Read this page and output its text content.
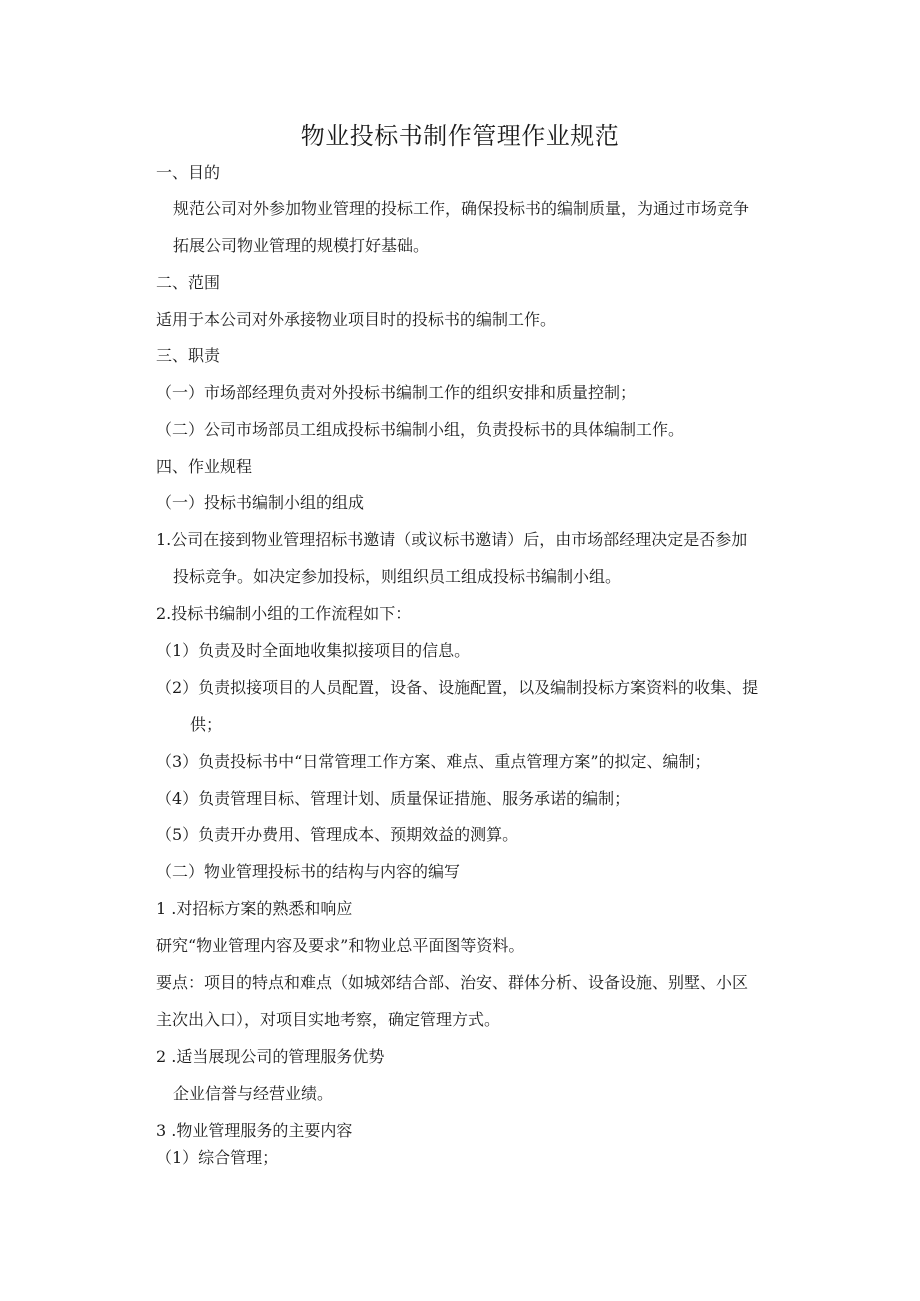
物业投标书制作管理作业规范
一、目的
规范公司对外参加物业管理的投标工作，确保投标书的编制质量，为通过市场竞争
拓展公司物业管理的规模打好基础。
二、范围
适用于本公司对外承接物业项目时的投标书的编制工作。
三、职责
（一）市场部经理负责对外投标书编制工作的组织安排和质量控制；
（二）公司市场部员工组成投标书编制小组，负责投标书的具体编制工作。
四、作业规程
（一）投标书编制小组的组成
1.公司在接到物业管理招标书邀请（或议标书邀请）后，由市场部经理决定是否参加
投标竞争。如决定参加投标，则组织员工组成投标书编制小组。
2.投标书编制小组的工作流程如下：
（1）负责及时全面地收集拟接项目的信息。
（2）负责拟接项目的人员配置，设备、设施配置，以及编制投标方案资料的收集、提
供；
（3）负责投标书中“日常管理工作方案、难点、重点管理方案”的拟定、编制；
（4）负责管理目标、管理计划、质量保证措施、服务承诺的编制；
（5）负责开办费用、管理成本、预期效益的测算。
（二）物业管理投标书的结构与内容的编写
1 .对招标方案的熟悉和响应
研究“物业管理内容及要求”和物业总平面图等资料。
要点：项目的特点和难点（如城郊结合部、治安、群体分析、设备设施、别墅、小区
主次出入口），对项目实地考察，确定管理方式。
2 .适当展现公司的管理服务优势
企业信誉与经营业绩。
3 .物业管理服务的主要内容
（1）综合管理；
